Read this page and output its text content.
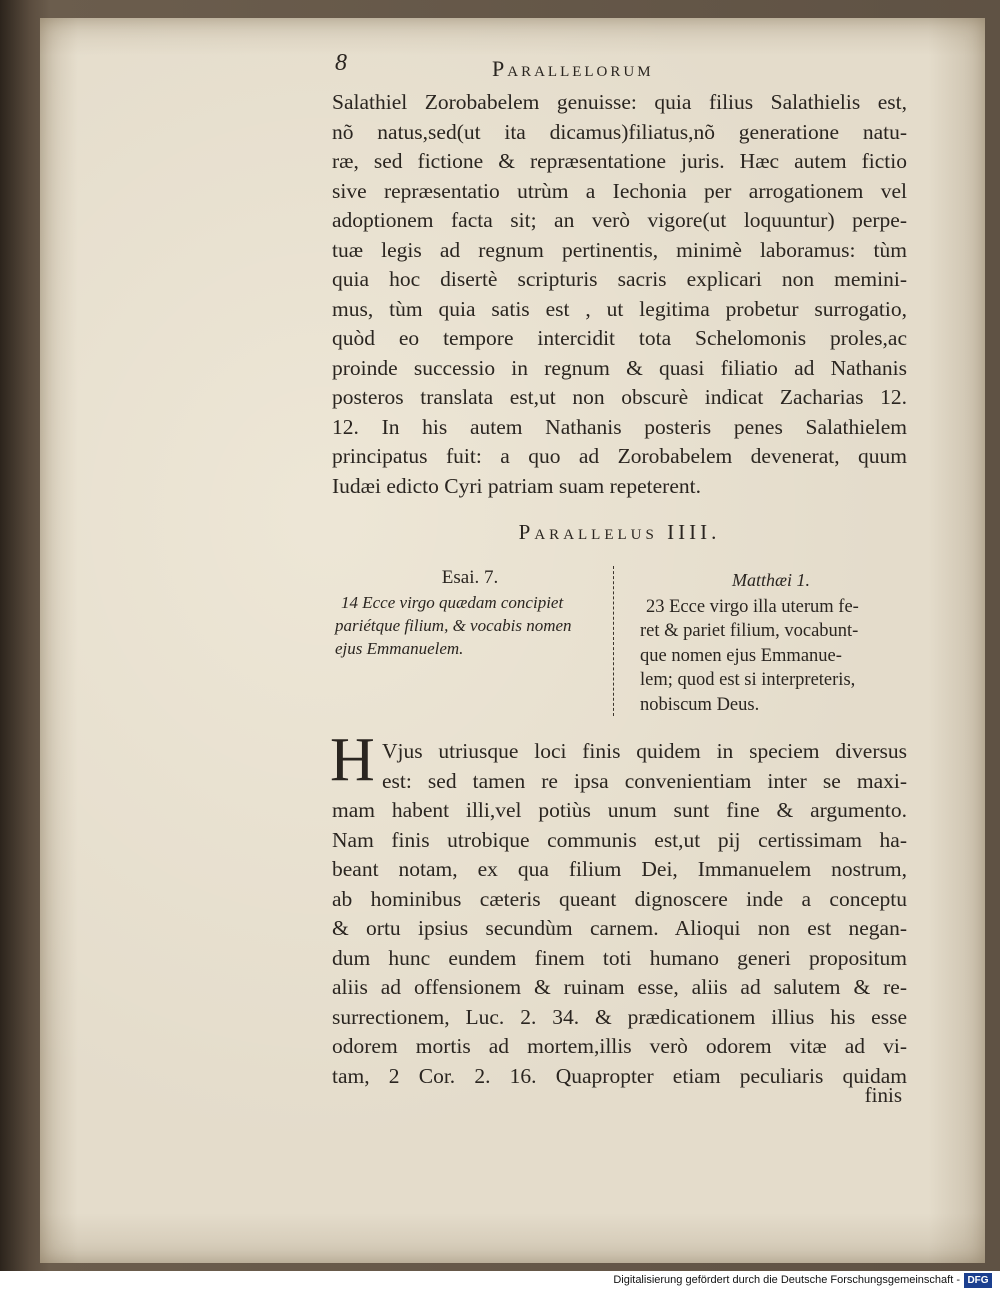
8	Parallelorum
Salathiel Zorobabelem genuisse: quia filius Salathielis est,
nõ natus,sed(ut ita dicamus)filiatus,nõ generatione natu-
ræ, sed fictione & repræsentatione juris. Hæc autem fictio
sive repræsentatio utrùm a Iechonia per arrogationem vel
adoptionem facta sit; an verò vigore(ut loquuntur) perpe-
tuæ legis ad regnum pertinentis, minimè laboramus: tùm
quia hoc disertè scripturis sacris explicari non memini-
mus, tùm quia satis est , ut legitima probetur surrogatio,
quòd eo tempore intercidit tota Schelomonis proles,ac
proinde successio in regnum & quasi filiatio ad Nathanis
posteros translata est,ut non obscurè indicat Zacharias 12.
12. In his autem Nathanis posteris penes Salathielem
principatus fuit: a quo ad Zorobabelem devenerat, quum
Iudæi edicto Cyri patriam suam repeterent.
Parallelus IIII.
Esai. 7.
14 Ecce virgo quædam concipiet
pariétque filium, & vocabis nomen
ejus Emmanuelem.
Matthæi 1.
23 Ecce virgo illa uterum fe-
ret & pariet filium, vocabunt-
que nomen ejus Emmanue-
lem; quod est si interpreteris,
nobiscum Deus.
H Vjus utriusque loci finis quidem in speciem diversus
est: sed tamen re ipsa convenientiam inter se maxi-
mam habent illi,vel potiùs unum sunt fine & argumento.
Nam finis utrobique communis est,ut pij certissimam ha-
beant notam, ex qua filium Dei, Immanuelem nostrum,
ab hominibus cæteris queant dignoscere inde a conceptu
& ortu ipsius secundùm carnem. Alioqui non est negan-
dum hunc eundem finem toti humano generi propositum
aliis ad offensionem & ruinam esse, aliis ad salutem & re-
surrectionem, Luc. 2. 34. & prædicationem illius his esse
odorem mortis ad mortem,illis verò odorem vitæ ad vi-
tam, 2 Cor. 2. 16. Quapropter etiam peculiaris quidam
finis
Digitalisierung gefördert durch die Deutsche Forschungsgemeinschaft - DFG
